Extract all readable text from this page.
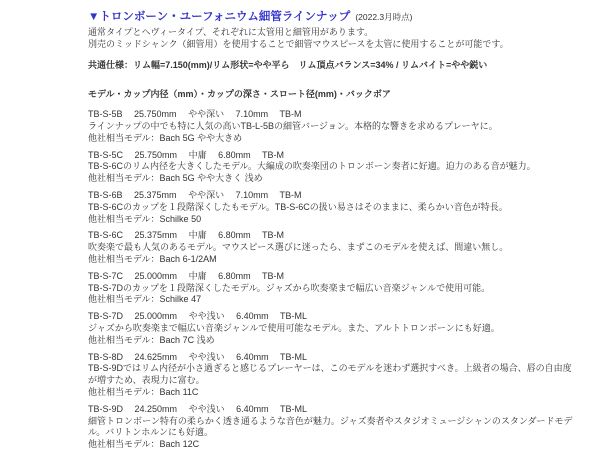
▼トロンボーン・ユーフォニウム細管ラインナップ (2022.3月時点)

通常タイプとヘヴィータイプ、それぞれに太管用と細管用があります。

別売のミッドシャンク（細管用）を使用することで細管マウスピースを太管に使用することが可能です。

共通仕様：リム幅=7.150(mm)/リム形状=やや平ら　リム頂点バランス=34% / リムバイト=やや鋭い

モデル・カップ内径（mm）・カップの深さ・スロート径(mm)・バックボア

TB-S-5B 25.750mm やや深い 7.10mm TB-M
ラインナップの中でも特に人気の高いTB-L-5Bの細管バージョン。本格的な響きを求めるプレーヤに。
他社相当モデル：Bach 5G やや大きめ
TB-S-5C 25.750mm 中庸 6.80mm TB-M
TB-S-6Cのリム内径を大きくしたモデル。大編成の吹奏楽団のトロンボーン奏者に好適。迫力のある音が魅力。
他社相当モデル：Bach 5G やや大きく 浅め
TB-S-6B 25.375mm やや深い 7.10mm TB-M
TB-S-6Cのカップを１段階深くしたもモデル。TB-S-6Cの扱い易さはそのままに、柔らかい音色が特長。
他社相当モデル：Schilke 50
TB-S-6C 25.375mm 中庸 6.80mm TB-M
吹奏楽で最も人気のあるモデル。マウスピース選びに迷ったら、まずこのモデルを使えば、間違い無し。
他社相当モデル：Bach 6-1/2AM
TB-S-7C 25.000mm 中庸 6.80mm TB-M
TB-S-7Dのカップを１段階深くしたモデル。ジャズから吹奏楽まで幅広い音楽ジャンルで使用可能。
他社相当モデル：Schilke 47
TB-S-7D 25.000mm やや浅い 6.40mm TB-ML
ジャズから吹奏楽まで幅広い音楽ジャンルで使用可能なモデル。また、アルトトロンボーンにも好適。
他社相当モデル：Bach 7C 浅め
TB-S-8D 24.625mm やや浅い 6.40mm TB-ML
TB-S-9Dではリム内径が小さ過ぎると感じるプレーヤーは、このモデルを迷わず選択すべき。上級者の場合、唇の自由度が増すため、表現力に富む。
他社相当モデル：Bach 11C
TB-S-9D 24.250mm やや浅い 6.40mm TB-ML
細管トロンボーン特有の柔らかく透き通るような音色が魅力。ジャズ奏者やスタジオミュージシャンのスタンダードモデル。バリトンホルンにも好適。
他社相当モデル：Bach 12C
